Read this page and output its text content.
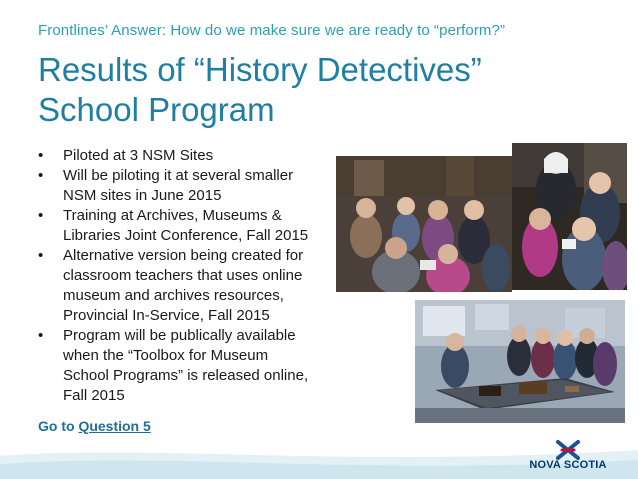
Frontlines’ Answer: How do we make sure we are ready to “perform?”
Results of “History Detectives”
School Program
• Piloted at 3 NSM Sites
• Will be piloting it at several smaller
NSM sites in June 2015
• Training at Archives, Museums &
Libraries Joint Conference, Fall 2015
• Alternative version being created for
classroom teachers that uses online
museum and archives resources,
Provincial In-Service, Fall 2015
• Program will be publically available
when the “Toolbox for Museum
School Programs” is released online,
Fall 2015
Go to Question 5
NOVA SCOTIA
